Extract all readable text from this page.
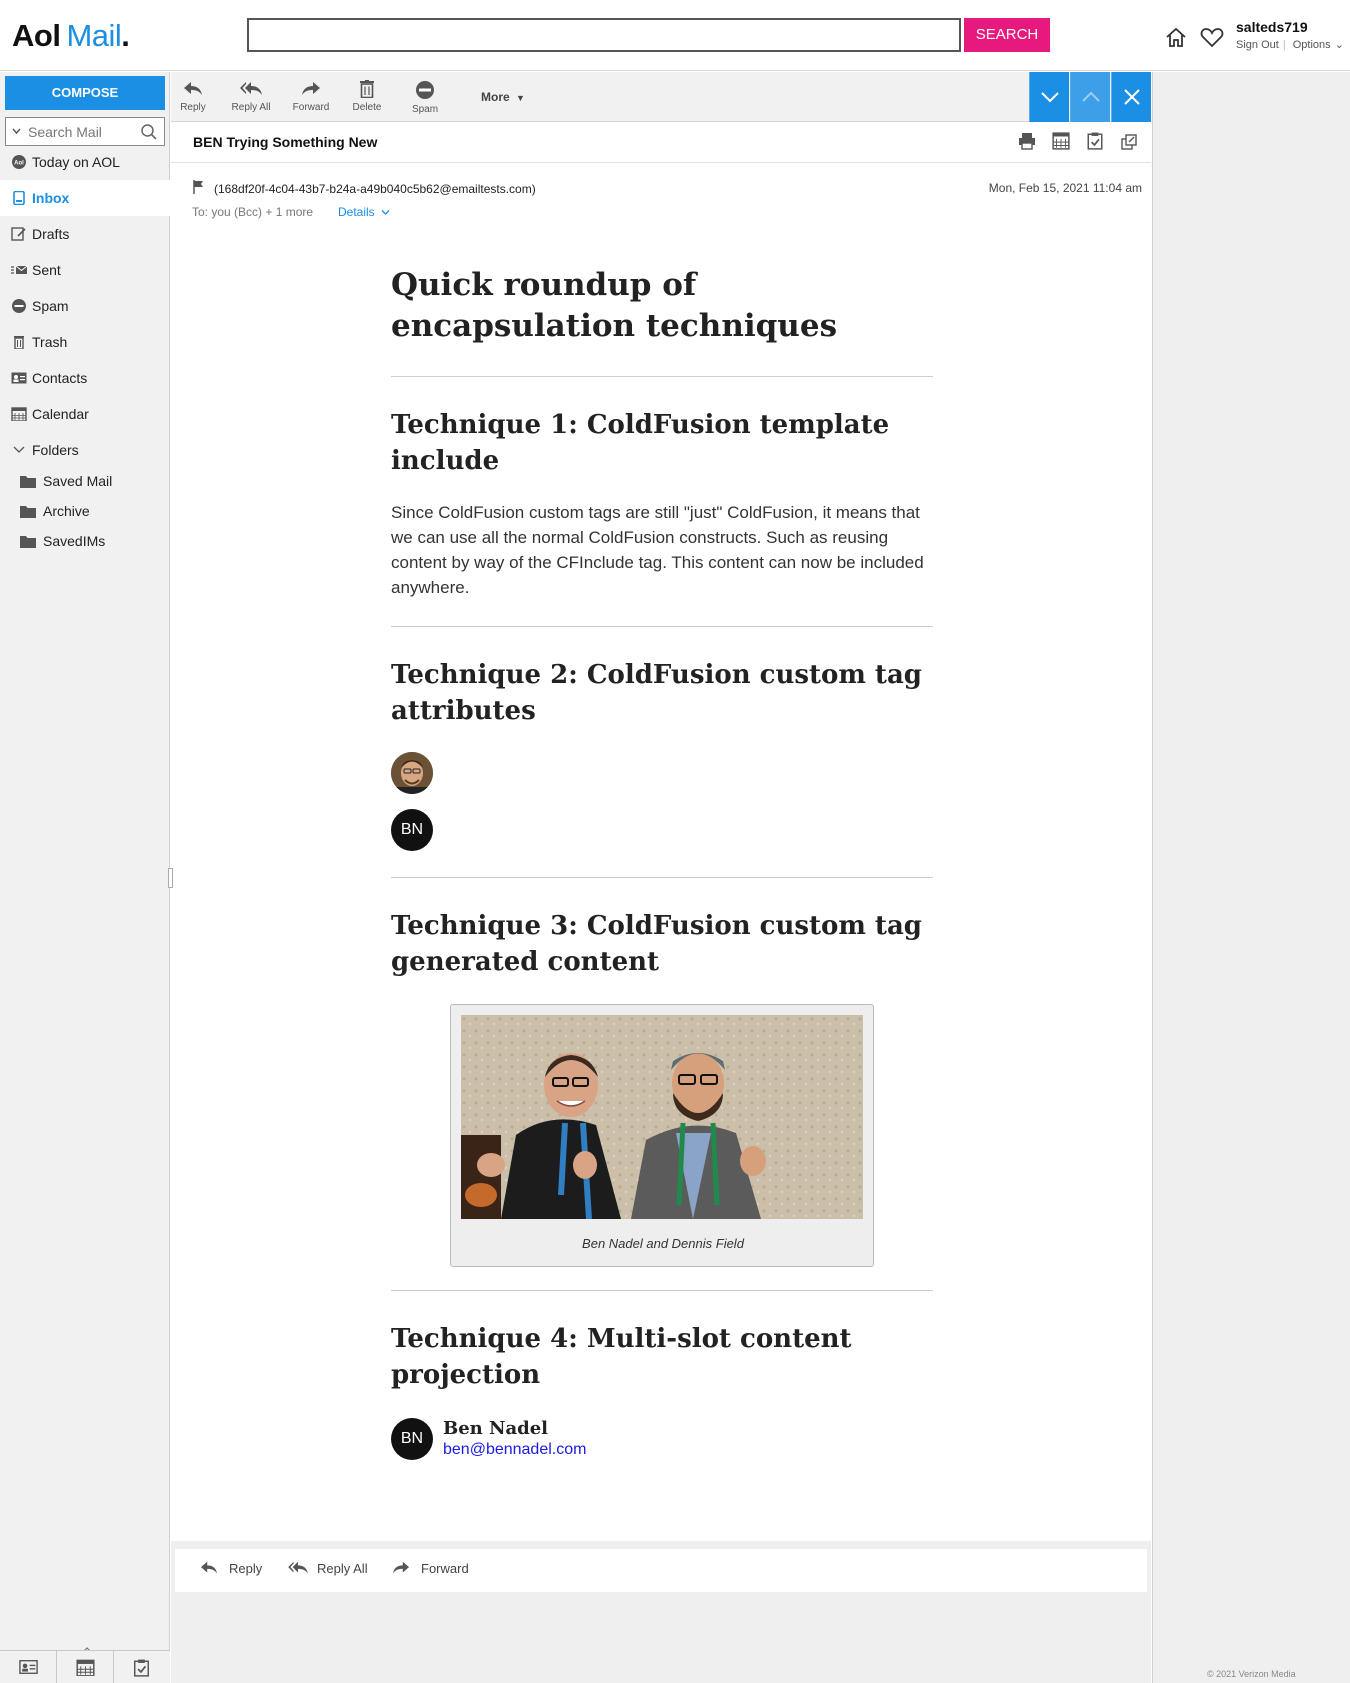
Aol Mail.	SEARCH	salteds719
Sign Out | Options ⌄
COMPOSE
Search Mail
Aol Today on AOL
Inbox
Drafts
Sent
Spam
Trash
Contacts
Calendar
Folders
Saved Mail
Archive
SavedIMs
Reply	Reply All	Forward	Delete	Spam
More ▼
BEN Trying Something New

(168df20f-4c04-43b7-b24a-a49b040c5b62@emailtests.com)	Mon, Feb 15, 2021 11:04 am
To: you (Bcc) + 1 more Details
Quick roundup of encapsulation techniques
Technique 1: ColdFusion template include
Since ColdFusion custom tags are still "just" ColdFusion, it means that we can use all the normal ColdFusion constructs. Such as reusing content by way of the CFInclude tag. This content can now be included anywhere.
Technique 2: ColdFusion custom tag attributes
BN
Technique 3: ColdFusion custom tag generated content
Ben Nadel and Dennis Field
Technique 4: Multi-slot content projection
BN	Ben Nadel
ben@bennadel.com
Reply	Reply All	Forward
© 2021 Verizon Media
